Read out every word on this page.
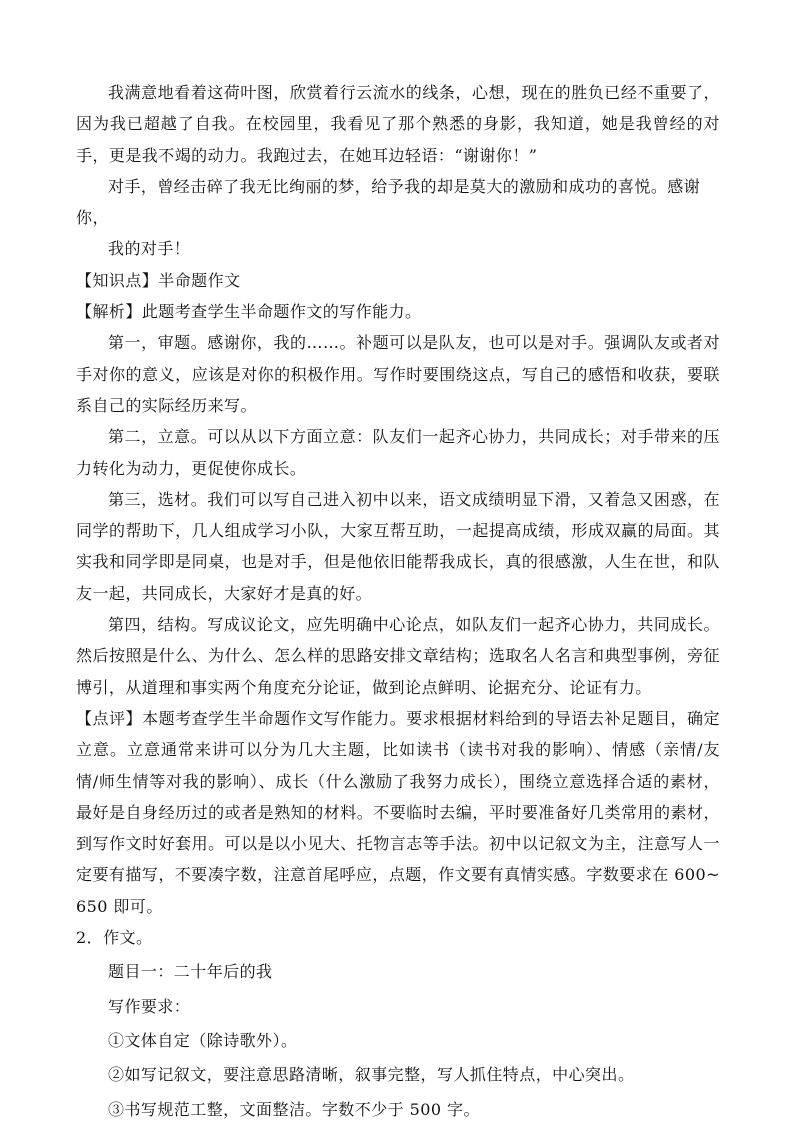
我满意地看着这荷叶图，欣赏着行云流水的线条，心想，现在的胜负已经不重要了，因为我已超越了自我。在校园里，我看见了那个熟悉的身影，我知道，她是我曾经的对手，更是我不竭的动力。我跑过去，在她耳边轻语：“谢谢你！”

对手，曾经击碎了我无比绚丽的梦，给予我的却是莫大的激励和成功的喜悦。感谢你，

我的对手！

【知识点】半命题作文

【解析】此题考查学生半命题作文的写作能力。

第一，审题。感谢你，我的……。补题可以是队友，也可以是对手。强调队友或者对手对你的意义，应该是对你的积极作用。写作时要围绕这点，写自己的感悟和收获，要联系自己的实际经历来写。

第二，立意。可以从以下方面立意：队友们一起齐心协力，共同成长；对手带来的压力转化为动力，更促使你成长。

第三，选材。我们可以写自己进入初中以来，语文成绩明显下滑，又着急又困惑，在同学的帮助下，几人组成学习小队，大家互帮互助，一起提高成绩，形成双赢的局面。其实我和同学即是同桌，也是对手，但是他依旧能帮我成长，真的很感激，人生在世，和队友一起，共同成长，大家好才是真的好。

第四，结构。写成议论文，应先明确中心论点，如队友们一起齐心协力，共同成长。然后按照是什么、为什么、怎么样的思路安排文章结构；选取名人名言和典型事例，旁征博引，从道理和事实两个角度充分论证，做到论点鲜明、论据充分、论证有力。

【点评】本题考查学生半命题作文写作能力。要求根据材料给到的导语去补足题目，确定立意。立意通常来讲可以分为几大主题，比如读书（读书对我的影响）、情感（亲情/友情/师生情等对我的影响）、成长（什么激励了我努力成长），围绕立意选择合适的素材，最好是自身经历过的或者是熟知的材料。不要临时去编，平时要准备好几类常用的素材，到写作文时好套用。可以是以小见大、托物言志等手法。初中以记叙文为主，注意写人一定要有描写，不要凑字数，注意首尾呼应，点题，作文要有真情实感。字数要求在 600~650 即可。

2．作文。

题目一：二十年后的我

写作要求：

①文体自定（除诗歌外）。

②如写记叙文，要注意思路清晰，叙事完整，写人抓住特点，中心突出。

③书写规范工整，文面整洁。字数不少于 500 字。
